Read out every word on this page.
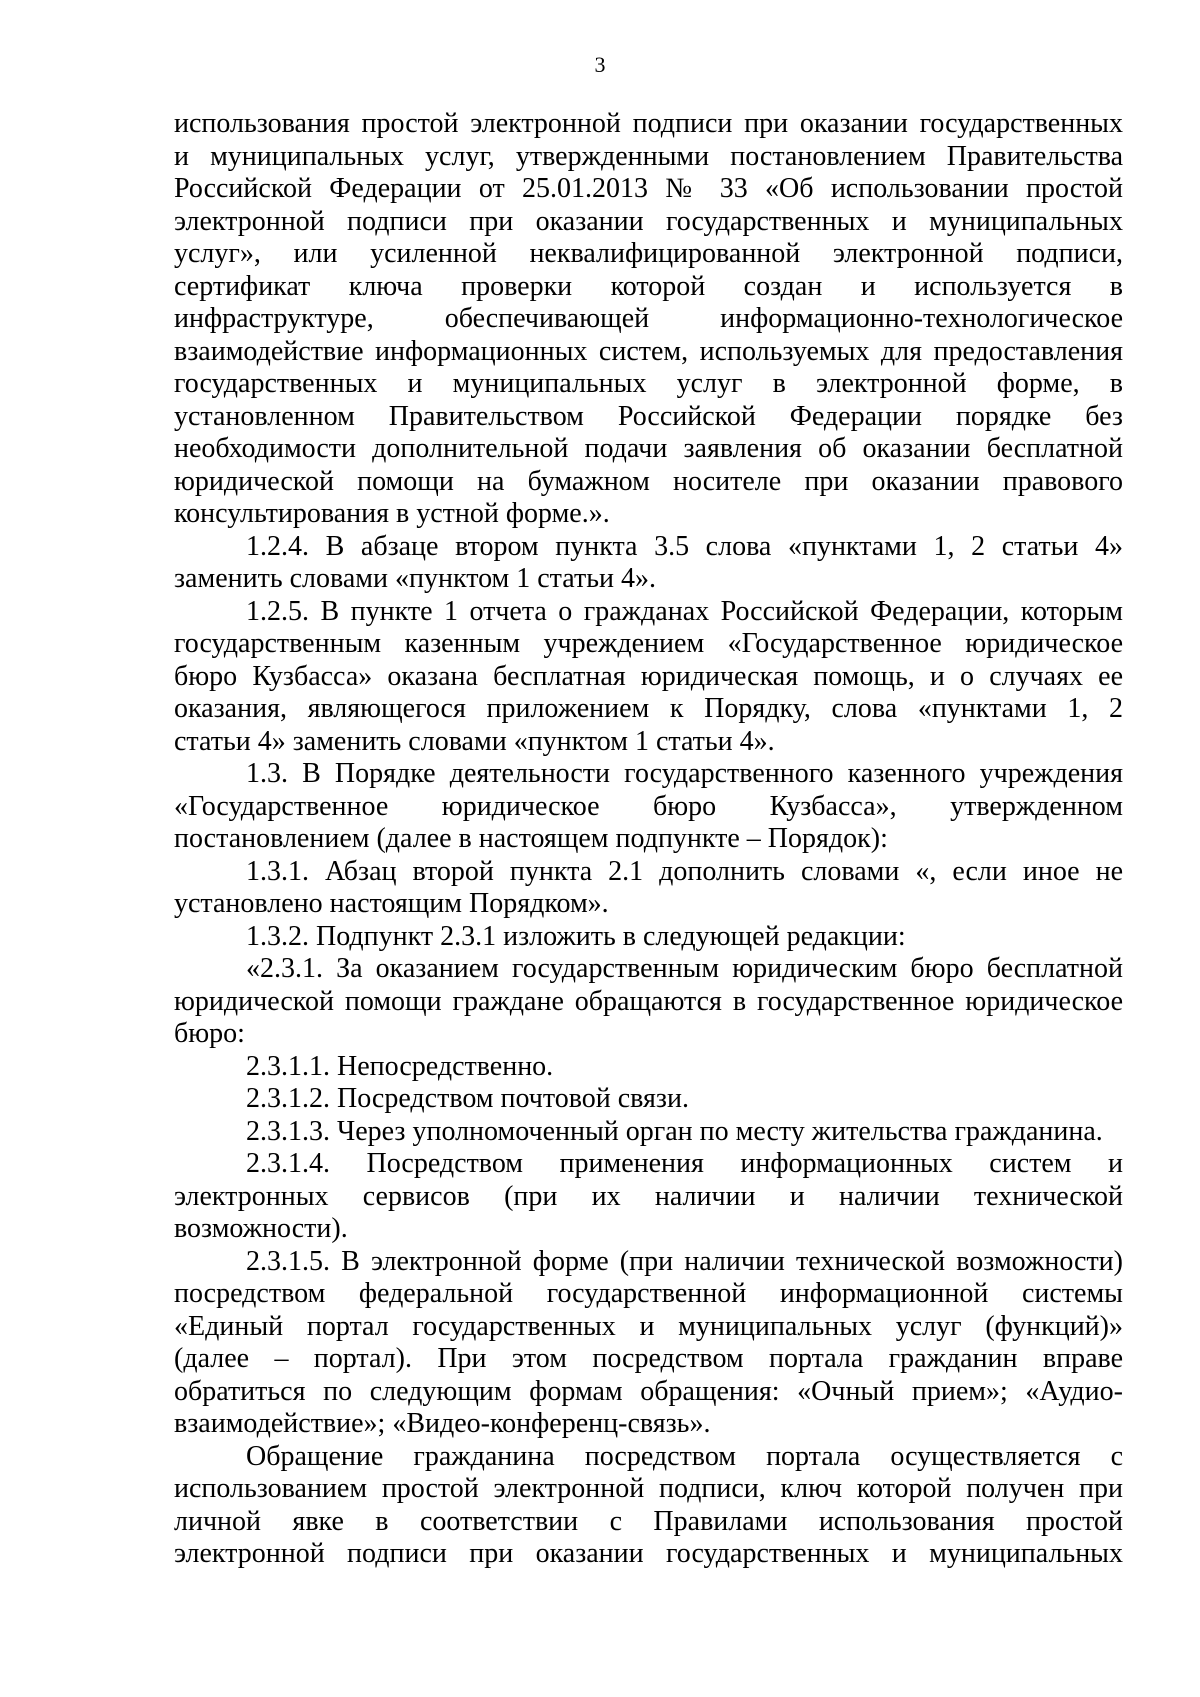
3
использования простой электронной подписи при оказании государственных
и муниципальных услуг, утвержденными постановлением Правительства
Российской Федерации от 25.01.2013 № 33 «Об использовании простой
электронной подписи при оказании государственных и муниципальных
услуг», или усиленной неквалифицированной электронной подписи,
сертификат ключа проверки которой создан и используется в
инфраструктуре, обеспечивающей информационно-технологическое
взаимодействие информационных систем, используемых для предоставления
государственных и муниципальных услуг в электронной форме, в
установленном Правительством Российской Федерации порядке без
необходимости дополнительной подачи заявления об оказании бесплатной
юридической помощи на бумажном носителе при оказании правового
консультирования в устной форме.».
1.2.4. В абзаце втором пункта 3.5 слова «пунктами 1, 2 статьи 4»
заменить словами «пунктом 1 статьи 4».
1.2.5. В пункте 1 отчета о гражданах Российской Федерации, которым
государственным казенным учреждением «Государственное юридическое
бюро Кузбасса» оказана бесплатная юридическая помощь, и о случаях ее
оказания, являющегося приложением к Порядку, слова «пунктами 1, 2
статьи 4» заменить словами «пунктом 1 статьи 4».
1.3. В Порядке деятельности государственного казенного учреждения
«Государственное юридическое бюро Кузбасса», утвержденном
постановлением (далее в настоящем подпункте – Порядок):
1.3.1. Абзац второй пункта 2.1 дополнить словами «, если иное не
установлено настоящим Порядком».
1.3.2. Подпункт 2.3.1 изложить в следующей редакции:
«2.3.1. За оказанием государственным юридическим бюро бесплатной
юридической помощи граждане обращаются в государственное юридическое
бюро:
2.3.1.1. Непосредственно.
2.3.1.2. Посредством почтовой связи.
2.3.1.3. Через уполномоченный орган по месту жительства гражданина.
2.3.1.4. Посредством применения информационных систем и
электронных сервисов (при их наличии и наличии технической
возможности).
2.3.1.5. В электронной форме (при наличии технической возможности)
посредством федеральной государственной информационной системы
«Единый портал государственных и муниципальных услуг (функций)»
(далее – портал). При этом посредством портала гражданин вправе
обратиться по следующим формам обращения: «Очный прием»; «Аудио-
взаимодействие»; «Видео-конференц-связь».
Обращение гражданина посредством портала осуществляется с
использованием простой электронной подписи, ключ которой получен при
личной явке в соответствии с Правилами использования простой
электронной подписи при оказании государственных и муниципальных
